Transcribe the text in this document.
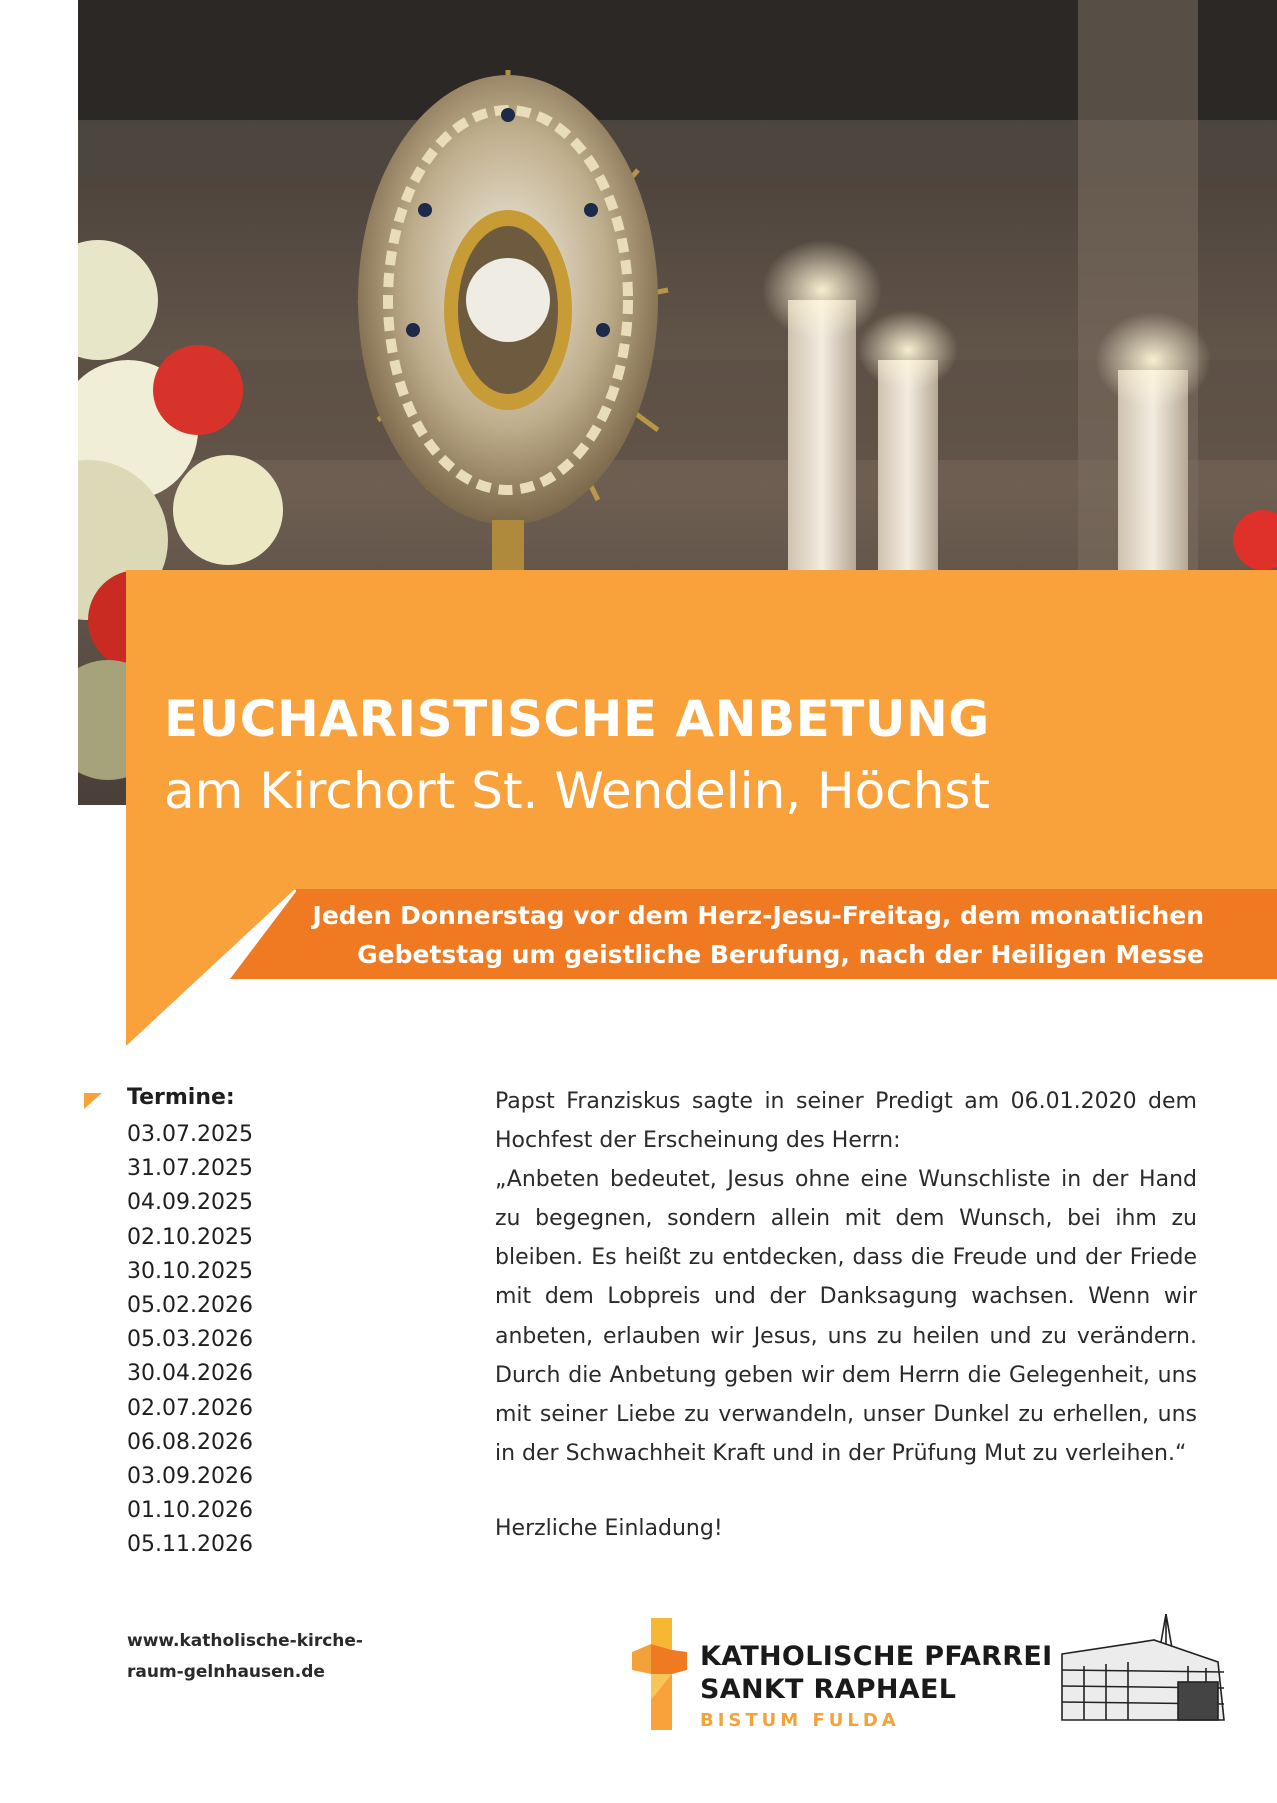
EUCHARISTISCHE ANBETUNG
am Kirchort St. Wendelin, Höchst
Jeden Donnerstag vor dem Herz-Jesu-Freitag, dem monatlichen
Gebetstag um geistliche Berufung, nach der Heiligen Messe
Termine:
03.07.2025
31.07.2025
04.09.2025
02.10.2025
30.10.2025
05.02.2026
05.03.2026
30.04.2026
02.07.2026
06.08.2026
03.09.2026
01.10.2026
05.11.2026

Papst Franziskus sagte in seiner Predigt am 06.01.2020 dem

Hochfest der Erscheinung des Herrn:

„Anbeten bedeutet, Jesus ohne eine Wunschliste in der Hand zu begegnen, sondern allein mit dem Wunsch, bei ihm zu bleiben. Es heißt zu entdecken, dass die Freude und der Friede mit dem Lobpreis und der Danksagung wachsen. Wenn wir anbeten, erlauben wir Jesus, uns zu heilen und zu verändern. Durch die Anbetung geben wir dem Herrn die Gelegenheit, uns mit seiner Liebe zu verwandeln, unser Dunkel zu erhellen, uns in der Schwachheit Kraft und in der Prüfung Mut zu verleihen.“

Herzliche Einladung!
www.katholische-kirche-
raum-gelnhausen.de	KATHOLISCHE PFARREI
SANKT RAPHAEL
BISTUM FULDA
